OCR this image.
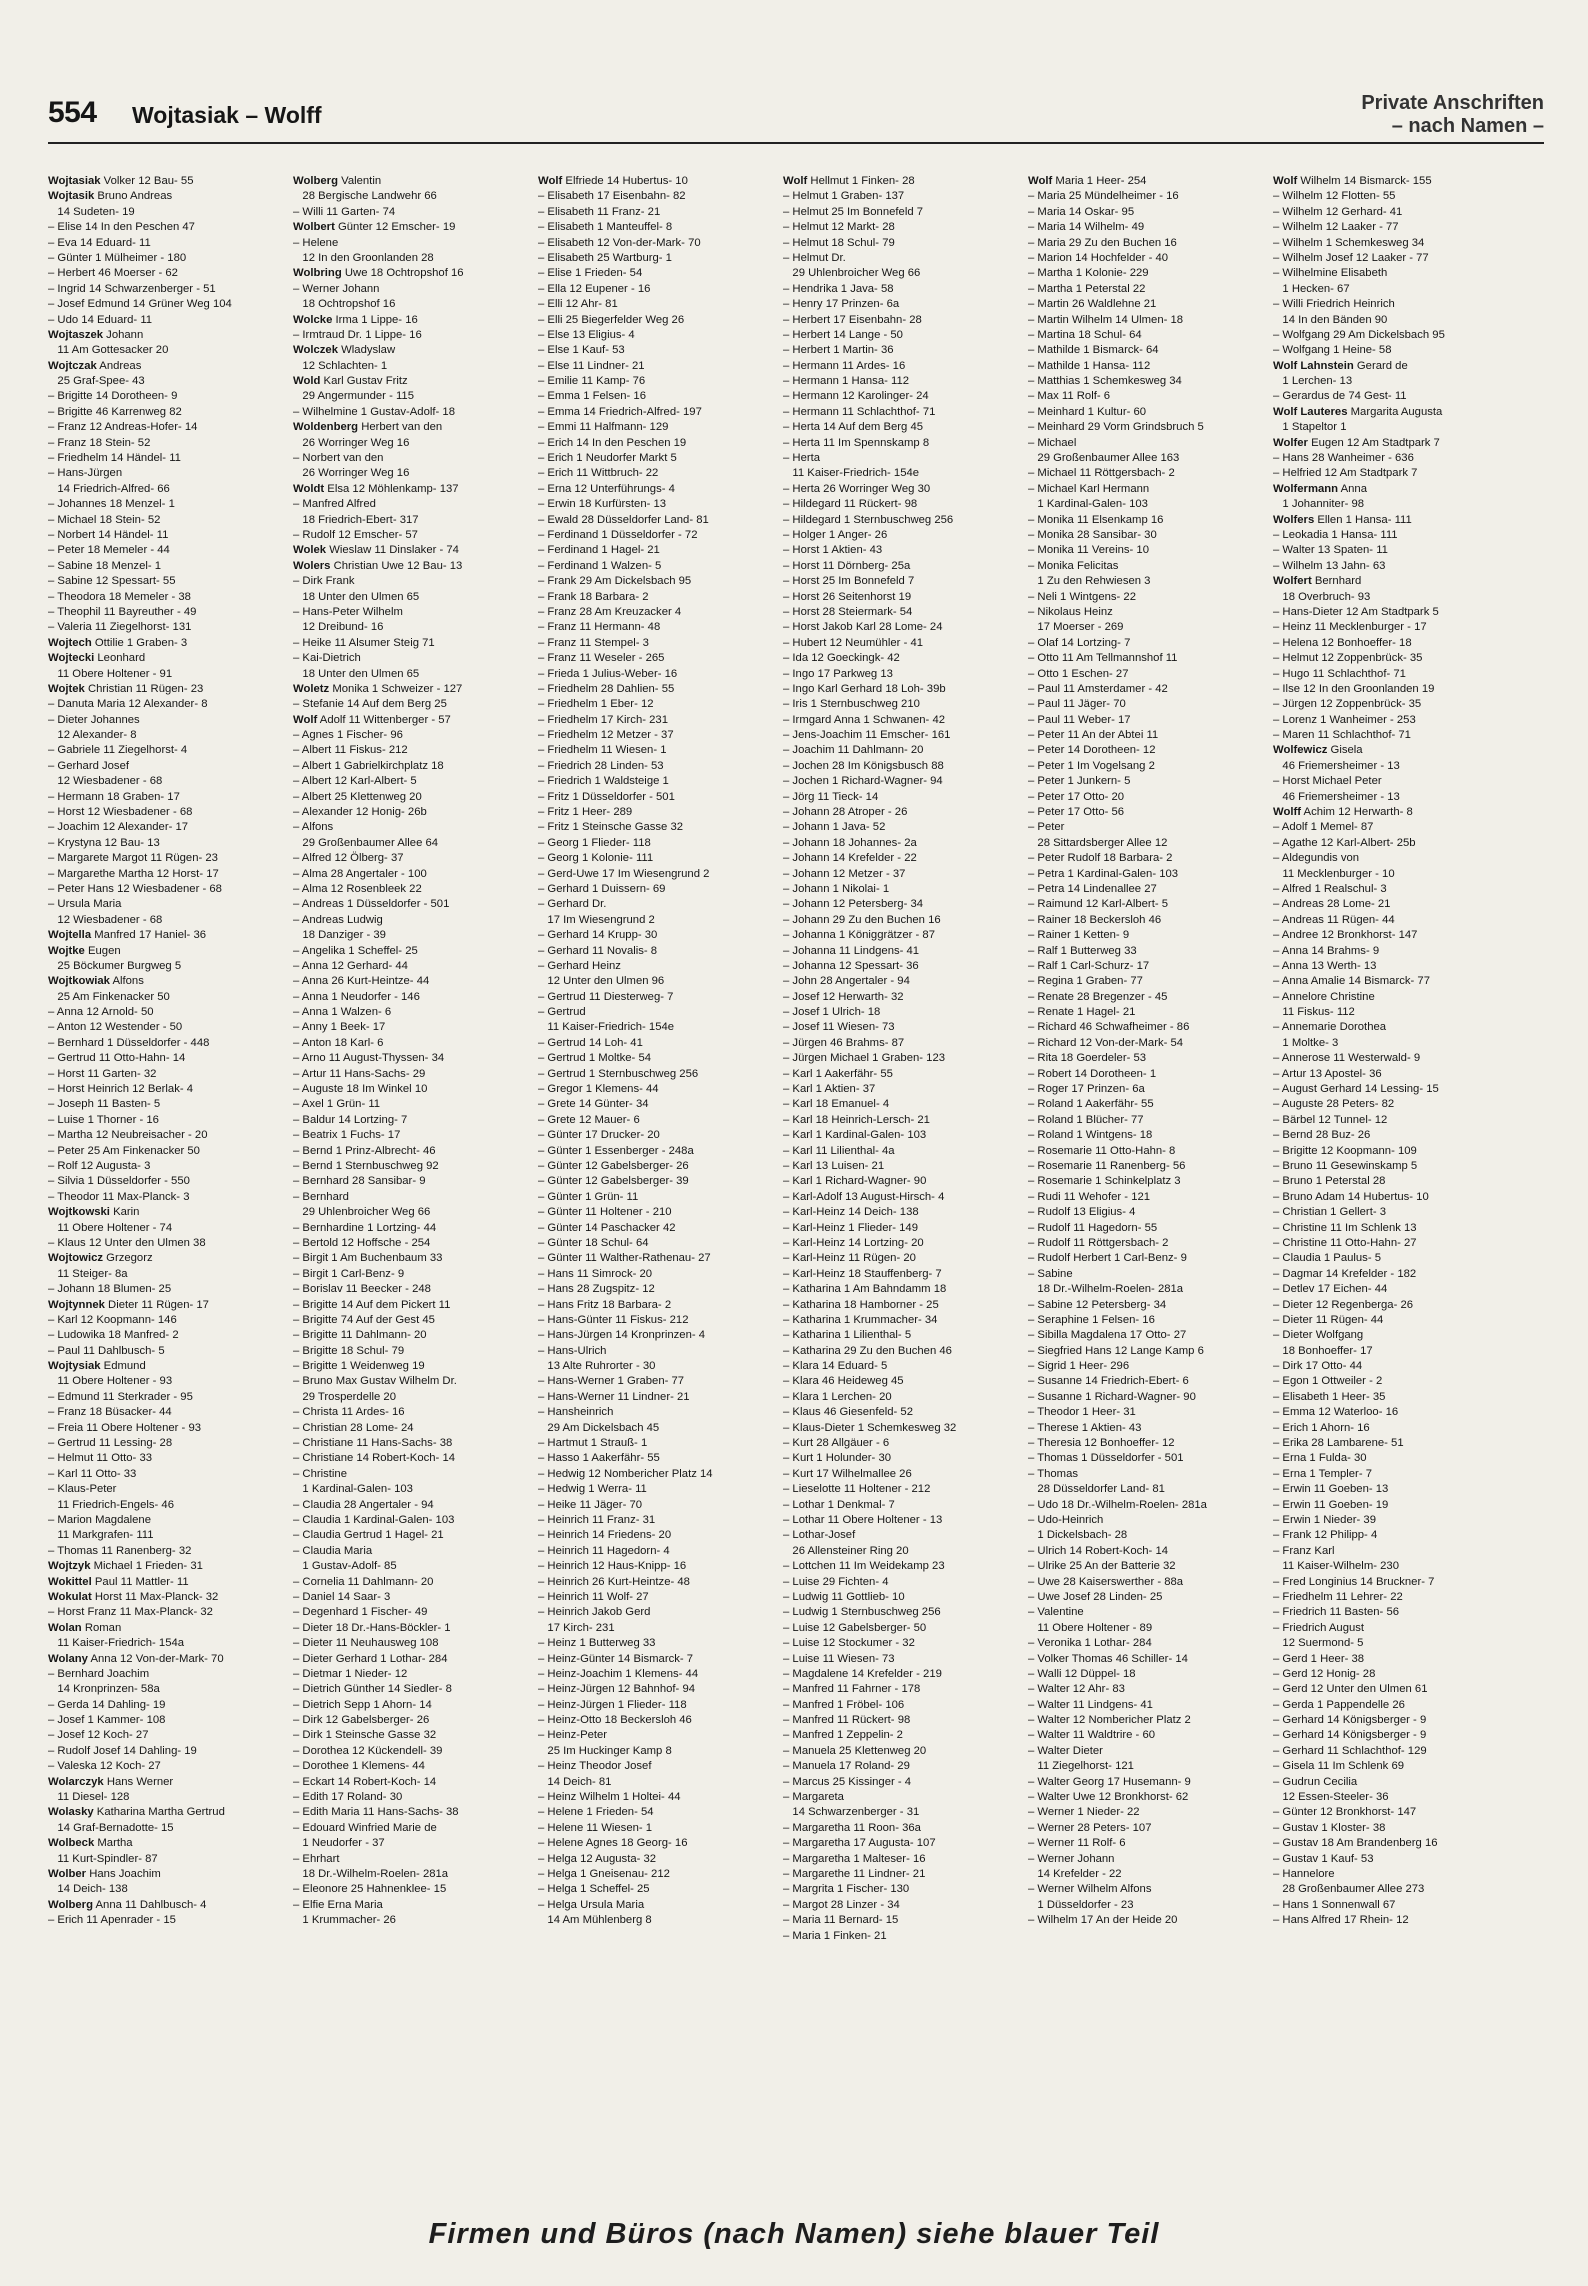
554 Wojtasiak – Wolff	Private Anschriften
– nach Namen –
Wojtasiak Volker 12 Bau- 55
Wojtasik Bruno Andreas
14 Sudeten- 19
– Elise 14 In den Peschen 47
– Eva 14 Eduard- 11
– Günter 1 Mülheimer - 180
– Herbert 46 Moerser - 62
– Ingrid 14 Schwarzenberger - 51
– Josef Edmund 14 Grüner Weg 104
– Udo 14 Eduard- 11
Wojtaszek Johann
11 Am Gottesacker 20
Wojtczak Andreas
25 Graf-Spee- 43
– Brigitte 14 Dorotheen- 9
– Brigitte 46 Karrenweg 82
– Franz 12 Andreas-Hofer- 14
– Franz 18 Stein- 52
– Friedhelm 14 Händel- 11
– Hans-Jürgen
14 Friedrich-Alfred- 66
– Johannes 18 Menzel- 1
– Michael 18 Stein- 52
– Norbert 14 Händel- 11
– Peter 18 Memeler - 44
– Sabine 18 Menzel- 1
– Sabine 12 Spessart- 55
– Theodora 18 Memeler - 38
– Theophil 11 Bayreuther - 49
– Valeria 11 Ziegelhorst- 131
Wojtech Ottilie 1 Graben- 3
Wojtecki Leonhard
11 Obere Holtener - 91
Wojtek Christian 11 Rügen- 23
– Danuta Maria 12 Alexander- 8
– Dieter Johannes
12 Alexander- 8
– Gabriele 11 Ziegelhorst- 4
– Gerhard Josef
12 Wiesbadener - 68
– Hermann 18 Graben- 17
– Horst 12 Wiesbadener - 68
– Joachim 12 Alexander- 17
– Krystyna 12 Bau- 13
– Margarete Margot 11 Rügen- 23
– Margarethe Martha 12 Horst- 17
– Peter Hans 12 Wiesbadener - 68
– Ursula Maria
12 Wiesbadener - 68
Wojtella Manfred 17 Haniel- 36
Wojtke Eugen
25 Böckumer Burgweg 5
Wojtkowiak Alfons
25 Am Finkenacker 50
– Anna 12 Arnold- 50
– Anton 12 Westender - 50
– Bernhard 1 Düsseldorfer - 448
– Gertrud 11 Otto-Hahn- 14
– Horst 11 Garten- 32
– Horst Heinrich 12 Berlak- 4
– Joseph 11 Basten- 5
– Luise 1 Thorner - 16
– Martha 12 Neubreisacher - 20
– Peter 25 Am Finkenacker 50
– Rolf 12 Augusta- 3
– Silvia 1 Düsseldorfer - 550
– Theodor 11 Max-Planck- 3
Wojtkowski Karin
11 Obere Holtener - 74
– Klaus 12 Unter den Ulmen 38
Wojtowicz Grzegorz
11 Steiger- 8a
– Johann 18 Blumen- 25
Wojtynnek Dieter 11 Rügen- 17
– Karl 12 Koopmann- 146
– Ludowika 18 Manfred- 2
– Paul 11 Dahlbusch- 5
Wojtysiak Edmund
11 Obere Holtener - 93
– Edmund 11 Sterkrader - 95
– Franz 18 Büsacker- 44
– Freia 11 Obere Holtener - 93
– Gertrud 11 Lessing- 28
– Helmut 11 Otto- 33
– Karl 11 Otto- 33
– Klaus-Peter
11 Friedrich-Engels- 46
– Marion Magdalene
11 Markgrafen- 111
– Thomas 11 Ranenberg- 32
Wojtzyk Michael 1 Frieden- 31
Wokittel Paul 11 Mattler- 11
Wokulat Horst 11 Max-Planck- 32
– Horst Franz 11 Max-Planck- 32
Wolan Roman
11 Kaiser-Friedrich- 154a
Wolany Anna 12 Von-der-Mark- 70
– Bernhard Joachim
14 Kronprinzen- 58a
– Gerda 14 Dahling- 19
– Josef 1 Kammer- 108
– Josef 12 Koch- 27
– Rudolf Josef 14 Dahling- 19
– Valeska 12 Koch- 27
Wolarczyk Hans Werner
11 Diesel- 128
Wolasky Katharina Martha Gertrud
14 Graf-Bernadotte- 15
Wolbeck Martha
11 Kurt-Spindler- 87
Wolber Hans Joachim
14 Deich- 138
Wolberg Anna 11 Dahlbusch- 4
– Erich 11 Apenrader - 15
Wolberg Valentin
28 Bergische Landwehr 66
– Willi 11 Garten- 74
Wolbert Günter 12 Emscher- 19
– Helene
12 In den Groonlanden 28
Wolbring Uwe 18 Ochtropshof 16
– Werner Johann
18 Ochtropshof 16
Wolcke Irma 1 Lippe- 16
– Irmtraud Dr. 1 Lippe- 16
Wolczek Wladyslaw
12 Schlachten- 1
Wold Karl Gustav Fritz
29 Angermunder - 115
– Wilhelmine 1 Gustav-Adolf- 18
Woldenberg Herbert van den
26 Worringer Weg 16
– Norbert van den
26 Worringer Weg 16
Woldt Elsa 12 Möhlenkamp- 137
– Manfred Alfred
18 Friedrich-Ebert- 317
– Rudolf 12 Emscher- 57
Wolek Wieslaw 11 Dinslaker - 74
Wolers Christian Uwe 12 Bau- 13
– Dirk Frank
18 Unter den Ulmen 65
– Hans-Peter Wilhelm
12 Dreibund- 16
– Heike 11 Alsumer Steig 71
– Kai-Dietrich
18 Unter den Ulmen 65
Woletz Monika 1 Schweizer - 127
– Stefanie 14 Auf dem Berg 25
Wolf Adolf 11 Wittenberger - 57
– Agnes 1 Fischer- 96
– Albert 11 Fiskus- 212
– Albert 1 Gabrielkirchplatz 18
– Albert 12 Karl-Albert- 5
– Albert 25 Klettenweg 20
– Alexander 12 Honig- 26b
– Alfons
29 Großenbaumer Allee 64
– Alfred 12 Ölberg- 37
– Alma 28 Angertaler - 100
– Alma 12 Rosenbleek 22
– Andreas 1 Düsseldorfer - 501
– Andreas Ludwig
18 Danziger - 39
– Angelika 1 Scheffel- 25
– Anna 12 Gerhard- 44
– Anna 26 Kurt-Heintze- 44
– Anna 1 Neudorfer - 146
– Anna 1 Walzen- 6
– Anny 1 Beek- 17
– Anton 18 Karl- 6
– Arno 11 August-Thyssen- 34
– Artur 11 Hans-Sachs- 29
– Auguste 18 Im Winkel 10
– Axel 1 Grün- 11
– Baldur 14 Lortzing- 7
– Beatrix 1 Fuchs- 17
– Bernd 1 Prinz-Albrecht- 46
– Bernd 1 Sternbuschweg 92
– Bernhard 28 Sansibar- 9
– Bernhard
29 Uhlenbroicher Weg 66
– Bernhardine 1 Lortzing- 44
– Bertold 12 Hoffsche - 254
– Birgit 1 Am Buchenbaum 33
– Birgit 1 Carl-Benz- 9
– Borislav 11 Beecker - 248
– Brigitte 14 Auf dem Pickert 11
– Brigitte 74 Auf der Gest 45
– Brigitte 11 Dahlmann- 20
– Brigitte 18 Schul- 79
– Brigitte 1 Weidenweg 19
– Bruno Max Gustav Wilhelm Dr.
29 Trosperdelle 20
– Christa 11 Ardes- 16
– Christian 28 Lome- 24
– Christiane 11 Hans-Sachs- 38
– Christiane 14 Robert-Koch- 14
– Christine
1 Kardinal-Galen- 103
– Claudia 28 Angertaler - 94
– Claudia 1 Kardinal-Galen- 103
– Claudia Gertrud 1 Hagel- 21
– Claudia Maria
1 Gustav-Adolf- 85
– Cornelia 11 Dahlmann- 20
– Daniel 14 Saar- 3
– Degenhard 1 Fischer- 49
– Dieter 18 Dr.-Hans-Böckler- 1
– Dieter 11 Neuhausweg 108
– Dieter Gerhard 1 Lothar- 284
– Dietmar 1 Nieder- 12
– Dietrich Günther 14 Siedler- 8
– Dietrich Sepp 1 Ahorn- 14
– Dirk 12 Gabelsberger- 26
– Dirk 1 Steinsche Gasse 32
– Dorothea 12 Kückendell- 39
– Dorothee 1 Klemens- 44
– Eckart 14 Robert-Koch- 14
– Edith 17 Roland- 30
– Edith Maria 11 Hans-Sachs- 38
– Edouard Winfried Marie de
1 Neudorfer - 37
– Ehrhart
18 Dr.-Wilhelm-Roelen- 281a
– Eleonore 25 Hahnenklee- 15
– Elfie Erna Maria
1 Krummacher- 26
Wolf Elfriede 14 Hubertus- 10
– Elisabeth 17 Eisenbahn- 82
– Elisabeth 11 Franz- 21
– Elisabeth 1 Manteuffel- 8
– Elisabeth 12 Von-der-Mark- 70
– Elisabeth 25 Wartburg- 1
– Elise 1 Frieden- 54
– Ella 12 Eupener - 16
– Elli 12 Ahr- 81
– Elli 25 Biegerfelder Weg 26
– Else 13 Eligius- 4
– Else 1 Kauf- 53
– Else 11 Lindner- 21
– Emilie 11 Kamp- 76
– Emma 1 Felsen- 16
– Emma 14 Friedrich-Alfred- 197
– Emmi 11 Halfmann- 129
– Erich 14 In den Peschen 19
– Erich 1 Neudorfer Markt 5
– Erich 11 Wittbruch- 22
– Erna 12 Unterführungs- 4
– Erwin 18 Kurfürsten- 13
– Ewald 28 Düsseldorfer Land- 81
– Ferdinand 1 Düsseldorfer - 72
– Ferdinand 1 Hagel- 21
– Ferdinand 1 Walzen- 5
– Frank 29 Am Dickelsbach 95
– Frank 18 Barbara- 2
– Franz 28 Am Kreuzacker 4
– Franz 11 Hermann- 48
– Franz 11 Stempel- 3
– Franz 11 Weseler - 265
– Frieda 1 Julius-Weber- 16
– Friedhelm 28 Dahlien- 55
– Friedhelm 1 Eber- 12
– Friedhelm 17 Kirch- 231
– Friedhelm 12 Metzer - 37
– Friedhelm 11 Wiesen- 1
– Friedrich 28 Linden- 53
– Friedrich 1 Waldsteige 1
– Fritz 1 Düsseldorfer - 501
– Fritz 1 Heer- 289
– Fritz 1 Steinsche Gasse 32
– Georg 1 Flieder- 118
– Georg 1 Kolonie- 111
– Gerd-Uwe 17 Im Wiesengrund 2
– Gerhard 1 Duissern- 69
– Gerhard Dr.
17 Im Wiesengrund 2
– Gerhard 14 Krupp- 30
– Gerhard 11 Novalis- 8
– Gerhard Heinz
12 Unter den Ulmen 96
– Gertrud 11 Diesterweg- 7
– Gertrud
11 Kaiser-Friedrich- 154e
– Gertrud 14 Loh- 41
– Gertrud 1 Moltke- 54
– Gertrud 1 Sternbuschweg 256
– Gregor 1 Klemens- 44
– Grete 14 Günter- 34
– Grete 12 Mauer- 6
– Günter 17 Drucker- 20
– Günter 1 Essenberger - 248a
– Günter 12 Gabelsberger- 26
– Günter 12 Gabelsberger- 39
– Günter 1 Grün- 11
– Günter 11 Holtener - 210
– Günter 14 Paschacker 42
– Günter 18 Schul- 64
– Günter 11 Walther-Rathenau- 27
– Hans 11 Simrock- 20
– Hans 28 Zugspitz- 12
– Hans Fritz 18 Barbara- 2
– Hans-Günter 11 Fiskus- 212
– Hans-Jürgen 14 Kronprinzen- 4
– Hans-Ulrich
13 Alte Ruhrorter - 30
– Hans-Werner 1 Graben- 77
– Hans-Werner 11 Lindner- 21
– Hansheinrich
29 Am Dickelsbach 45
– Hartmut 1 Strauß- 1
– Hasso 1 Aakerfähr- 55
– Hedwig 12 Nombericher Platz 14
– Hedwig 1 Werra- 11
– Heike 11 Jäger- 70
– Heinrich 11 Franz- 31
– Heinrich 14 Friedens- 20
– Heinrich 11 Hagedorn- 4
– Heinrich 12 Haus-Knipp- 16
– Heinrich 26 Kurt-Heintze- 48
– Heinrich 11 Wolf- 27
– Heinrich Jakob Gerd
17 Kirch- 231
– Heinz 1 Butterweg 33
– Heinz-Günter 14 Bismarck- 7
– Heinz-Joachim 1 Klemens- 44
– Heinz-Jürgen 12 Bahnhof- 94
– Heinz-Jürgen 1 Flieder- 118
– Heinz-Otto 18 Beckersloh 46
– Heinz-Peter
25 Im Huckinger Kamp 8
– Heinz Theodor Josef
14 Deich- 81
– Heinz Wilhelm 1 Holtei- 44
– Helene 1 Frieden- 54
– Helene 11 Wiesen- 1
– Helene Agnes 18 Georg- 16
– Helga 12 Augusta- 32
– Helga 1 Gneisenau- 212
– Helga 1 Scheffel- 25
– Helga Ursula Maria
14 Am Mühlenberg 8
Wolf Hellmut 1 Finken- 28
– Helmut 1 Graben- 137
– Helmut 25 Im Bonnefeld 7
– Helmut 12 Markt- 28
– Helmut 18 Schul- 79
– Helmut Dr.
29 Uhlenbroicher Weg 66
– Hendrika 1 Java- 58
– Henry 17 Prinzen- 6a
– Herbert 17 Eisenbahn- 28
– Herbert 14 Lange - 50
– Herbert 1 Martin- 36
– Hermann 11 Ardes- 16
– Hermann 1 Hansa- 112
– Hermann 12 Karolinger- 24
– Hermann 11 Schlachthof- 71
– Herta 14 Auf dem Berg 45
– Herta 11 Im Spennskamp 8
– Herta
11 Kaiser-Friedrich- 154e
– Herta 26 Worringer Weg 30
– Hildegard 11 Rückert- 98
– Hildegard 1 Sternbuschweg 256
– Holger 1 Anger- 26
– Horst 1 Aktien- 43
– Horst 11 Dörnberg- 25a
– Horst 25 Im Bonnefeld 7
– Horst 26 Seitenhorst 19
– Horst 28 Steiermark- 54
– Horst Jakob Karl 28 Lome- 24
– Hubert 12 Neumühler - 41
– Ida 12 Goeckingk- 42
– Ingo 17 Parkweg 13
– Ingo Karl Gerhard 18 Loh- 39b
– Iris 1 Sternbuschweg 210
– Irmgard Anna 1 Schwanen- 42
– Jens-Joachim 11 Emscher- 161
– Joachim 11 Dahlmann- 20
– Jochen 28 Im Königsbusch 88
– Jochen 1 Richard-Wagner- 94
– Jörg 11 Tieck- 14
– Johann 28 Atroper - 26
– Johann 1 Java- 52
– Johann 18 Johannes- 2a
– Johann 14 Krefelder - 22
– Johann 12 Metzer - 37
– Johann 1 Nikolai- 1
– Johann 12 Petersberg- 34
– Johann 29 Zu den Buchen 16
– Johanna 1 Königgrätzer - 87
– Johanna 11 Lindgens- 41
– Johanna 12 Spessart- 36
– John 28 Angertaler - 94
– Josef 12 Herwarth- 32
– Josef 1 Ulrich- 18
– Josef 11 Wiesen- 73
– Jürgen 46 Brahms- 87
– Jürgen Michael 1 Graben- 123
– Karl 1 Aakerfähr- 55
– Karl 1 Aktien- 37
– Karl 18 Emanuel- 4
– Karl 18 Heinrich-Lersch- 21
– Karl 1 Kardinal-Galen- 103
– Karl 11 Lilienthal- 4a
– Karl 13 Luisen- 21
– Karl 1 Richard-Wagner- 90
– Karl-Adolf 13 August-Hirsch- 4
– Karl-Heinz 14 Deich- 138
– Karl-Heinz 1 Flieder- 149
– Karl-Heinz 14 Lortzing- 20
– Karl-Heinz 11 Rügen- 20
– Karl-Heinz 18 Stauffenberg- 7
– Katharina 1 Am Bahndamm 18
– Katharina 18 Hamborner - 25
– Katharina 1 Krummacher- 34
– Katharina 1 Lilienthal- 5
– Katharina 29 Zu den Buchen 46
– Klara 14 Eduard- 5
– Klara 46 Heideweg 45
– Klara 1 Lerchen- 20
– Klaus 46 Giesenfeld- 52
– Klaus-Dieter 1 Schemkesweg 32
– Kurt 28 Allgäuer - 6
– Kurt 1 Holunder- 30
– Kurt 17 Wilhelmallee 26
– Lieselotte 11 Holtener - 212
– Lothar 1 Denkmal- 7
– Lothar 11 Obere Holtener - 13
– Lothar-Josef
26 Allensteiner Ring 20
– Lottchen 11 Im Weidekamp 23
– Luise 29 Fichten- 4
– Ludwig 11 Gottlieb- 10
– Ludwig 1 Sternbuschweg 256
– Luise 12 Gabelsberger- 50
– Luise 12 Stockumer - 32
– Luise 11 Wiesen- 73
– Magdalene 14 Krefelder - 219
– Manfred 11 Fahrner - 178
– Manfred 1 Fröbel- 106
– Manfred 11 Rückert- 98
– Manfred 1 Zeppelin- 2
– Manuela 25 Klettenweg 20
– Manuela 17 Roland- 29
– Marcus 25 Kissinger - 4
– Margareta
14 Schwarzenberger - 31
– Margaretha 11 Roon- 36a
– Margaretha 17 Augusta- 107
– Margaretha 1 Malteser- 16
– Margarethe 11 Lindner- 21
– Margrita 1 Fischer- 130
– Margot 28 Linzer - 34
– Maria 11 Bernard- 15
– Maria 1 Finken- 21
Wolf Maria 1 Heer- 254
– Maria 25 Mündelheimer - 16
– Maria 14 Oskar- 95
– Maria 14 Wilhelm- 49
– Maria 29 Zu den Buchen 16
– Marion 14 Hochfelder - 40
– Martha 1 Kolonie- 229
– Martha 1 Peterstal 22
– Martin 26 Waldlehne 21
– Martin Wilhelm 14 Ulmen- 18
– Martina 18 Schul- 64
– Mathilde 1 Bismarck- 64
– Mathilde 1 Hansa- 112
– Matthias 1 Schemkesweg 34
– Max 11 Rolf- 6
– Meinhard 1 Kultur- 60
– Meinhard 29 Vorm Grindsbruch 5
– Michael
29 Großenbaumer Allee 163
– Michael 11 Röttgersbach- 2
– Michael Karl Hermann
1 Kardinal-Galen- 103
– Monika 11 Elsenkamp 16
– Monika 28 Sansibar- 30
– Monika 11 Vereins- 10
– Monika Felicitas
1 Zu den Rehwiesen 3
– Neli 1 Wintgens- 22
– Nikolaus Heinz
17 Moerser - 269
– Olaf 14 Lortzing- 7
– Otto 11 Am Tellmannshof 11
– Otto 1 Eschen- 27
– Paul 11 Amsterdamer - 42
– Paul 11 Jäger- 70
– Paul 11 Weber- 17
– Peter 11 An der Abtei 11
– Peter 14 Dorotheen- 12
– Peter 1 Im Vogelsang 2
– Peter 1 Junkern- 5
– Peter 17 Otto- 20
– Peter 17 Otto- 56
– Peter
28 Sittardsberger Allee 12
– Peter Rudolf 18 Barbara- 2
– Petra 1 Kardinal-Galen- 103
– Petra 14 Lindenallee 27
– Raimund 12 Karl-Albert- 5
– Rainer 18 Beckersloh 46
– Rainer 1 Ketten- 9
– Ralf 1 Butterweg 33
– Ralf 1 Carl-Schurz- 17
– Regina 1 Graben- 77
– Renate 28 Bregenzer - 45
– Renate 1 Hagel- 21
– Richard 46 Schwafheimer - 86
– Richard 12 Von-der-Mark- 54
– Rita 18 Goerdeler- 53
– Robert 14 Dorotheen- 1
– Roger 17 Prinzen- 6a
– Roland 1 Aakerfähr- 55
– Roland 1 Blücher- 77
– Roland 1 Wintgens- 18
– Rosemarie 11 Otto-Hahn- 8
– Rosemarie 11 Ranenberg- 56
– Rosemarie 1 Schinkelplatz 3
– Rudi 11 Wehofer - 121
– Rudolf 13 Eligius- 4
– Rudolf 11 Hagedorn- 55
– Rudolf 11 Röttgersbach- 2
– Rudolf Herbert 1 Carl-Benz- 9
– Sabine
18 Dr.-Wilhelm-Roelen- 281a
– Sabine 12 Petersberg- 34
– Seraphine 1 Felsen- 16
– Sibilla Magdalena 17 Otto- 27
– Siegfried Hans 12 Lange Kamp 6
– Sigrid 1 Heer- 296
– Susanne 14 Friedrich-Ebert- 6
– Susanne 1 Richard-Wagner- 90
– Theodor 1 Heer- 31
– Therese 1 Aktien- 43
– Theresia 12 Bonhoeffer- 12
– Thomas 1 Düsseldorfer - 501
– Thomas
28 Düsseldorfer Land- 81
– Udo 18 Dr.-Wilhelm-Roelen- 281a
– Udo-Heinrich
1 Dickelsbach- 28
– Ulrich 14 Robert-Koch- 14
– Ulrike 25 An der Batterie 32
– Uwe 28 Kaiserswerther - 88a
– Uwe Josef 28 Linden- 25
– Valentine
11 Obere Holtener - 89
– Veronika 1 Lothar- 284
– Volker Thomas 46 Schiller- 14
– Walli 12 Düppel- 18
– Walter 12 Ahr- 83
– Walter 11 Lindgens- 41
– Walter 12 Nombericher Platz 2
– Walter 11 Waldtrire - 60
– Walter Dieter
11 Ziegelhorst- 121
– Walter Georg 17 Husemann- 9
– Walter Uwe 12 Bronkhorst- 62
– Werner 1 Nieder- 22
– Werner 28 Peters- 107
– Werner 11 Rolf- 6
– Werner Johann
14 Krefelder - 22
– Werner Wilhelm Alfons
1 Düsseldorfer - 23
– Wilhelm 17 An der Heide 20
Wolf Wilhelm 14 Bismarck- 155
– Wilhelm 12 Flotten- 55
– Wilhelm 12 Gerhard- 41
– Wilhelm 12 Laaker - 77
– Wilhelm 1 Schemkesweg 34
– Wilhelm Josef 12 Laaker - 77
– Wilhelmine Elisabeth
1 Hecken- 67
– Willi Friedrich Heinrich
14 In den Bänden 90
– Wolfgang 29 Am Dickelsbach 95
– Wolfgang 1 Heine- 58
Wolf Lahnstein Gerard de
1 Lerchen- 13
– Gerardus de 74 Gest- 11
Wolf Lauteres Margarita Augusta
1 Stapeltor 1
Wolfer Eugen 12 Am Stadtpark 7
– Hans 28 Wanheimer - 636
– Helfried 12 Am Stadtpark 7
Wolfermann Anna
1 Johanniter- 98
Wolfers Ellen 1 Hansa- 111
– Leokadia 1 Hansa- 111
– Walter 13 Spaten- 11
– Wilhelm 13 Jahn- 63
Wolfert Bernhard
18 Overbruch- 93
– Hans-Dieter 12 Am Stadtpark 5
– Heinz 11 Mecklenburger - 17
– Helena 12 Bonhoeffer- 18
– Helmut 12 Zoppenbrück- 35
– Hugo 11 Schlachthof- 71
– Ilse 12 In den Groonlanden 19
– Jürgen 12 Zoppenbrück- 35
– Lorenz 1 Wanheimer - 253
– Maren 11 Schlachthof- 71
Wolfewicz Gisela
46 Friemersheimer - 13
– Horst Michael Peter
46 Friemersheimer - 13
Wolff Achim 12 Herwarth- 8
– Adolf 1 Memel- 87
– Agathe 12 Karl-Albert- 25b
– Aldegundis von
11 Mecklenburger - 10
– Alfred 1 Realschul- 3
– Andreas 28 Lome- 21
– Andreas 11 Rügen- 44
– Andree 12 Bronkhorst- 147
– Anna 14 Brahms- 9
– Anna 13 Werth- 13
– Anna Amalie 14 Bismarck- 77
– Annelore Christine
11 Fiskus- 112
– Annemarie Dorothea
1 Moltke- 3
– Annerose 11 Westerwald- 9
– Artur 13 Apostel- 36
– August Gerhard 14 Lessing- 15
– Auguste 28 Peters- 82
– Bärbel 12 Tunnel- 12
– Bernd 28 Buz- 26
– Brigitte 12 Koopmann- 109
– Bruno 11 Gesewinskamp 5
– Bruno 1 Peterstal 28
– Bruno Adam 14 Hubertus- 10
– Christian 1 Gellert- 3
– Christine 11 Im Schlenk 13
– Christine 11 Otto-Hahn- 27
– Claudia 1 Paulus- 5
– Dagmar 14 Krefelder - 182
– Detlev 17 Eichen- 44
– Dieter 12 Regenberga- 26
– Dieter 11 Rügen- 44
– Dieter Wolfgang
18 Bonhoeffer- 17
– Dirk 17 Otto- 44
– Egon 1 Ottweiler - 2
– Elisabeth 1 Heer- 35
– Emma 12 Waterloo- 16
– Erich 1 Ahorn- 16
– Erika 28 Lambarene- 51
– Erna 1 Fulda- 30
– Erna 1 Templer- 7
– Erwin 11 Goeben- 13
– Erwin 11 Goeben- 19
– Erwin 1 Nieder- 39
– Frank 12 Philipp- 4
– Franz Karl
11 Kaiser-Wilhelm- 230
– Fred Longinius 14 Bruckner- 7
– Friedhelm 11 Lehrer- 22
– Friedrich 11 Basten- 56
– Friedrich August
12 Suermond- 5
– Gerd 1 Heer- 38
– Gerd 12 Honig- 28
– Gerd 12 Unter den Ulmen 61
– Gerda 1 Pappendelle 26
– Gerhard 14 Königsberger - 9
– Gerhard 14 Königsberger - 9
– Gerhard 11 Schlachthof- 129
– Gisela 11 Im Schlenk 69
– Gudrun Cecilia
12 Essen-Steeler- 36
– Günter 12 Bronkhorst- 147
– Gustav 1 Kloster- 38
– Gustav 18 Am Brandenberg 16
– Gustav 1 Kauf- 53
– Hannelore
28 Großenbaumer Allee 273
– Hans 1 Sonnenwall 67
– Hans Alfred 17 Rhein- 12
Firmen und Büros (nach Namen) siehe blauer Teil
